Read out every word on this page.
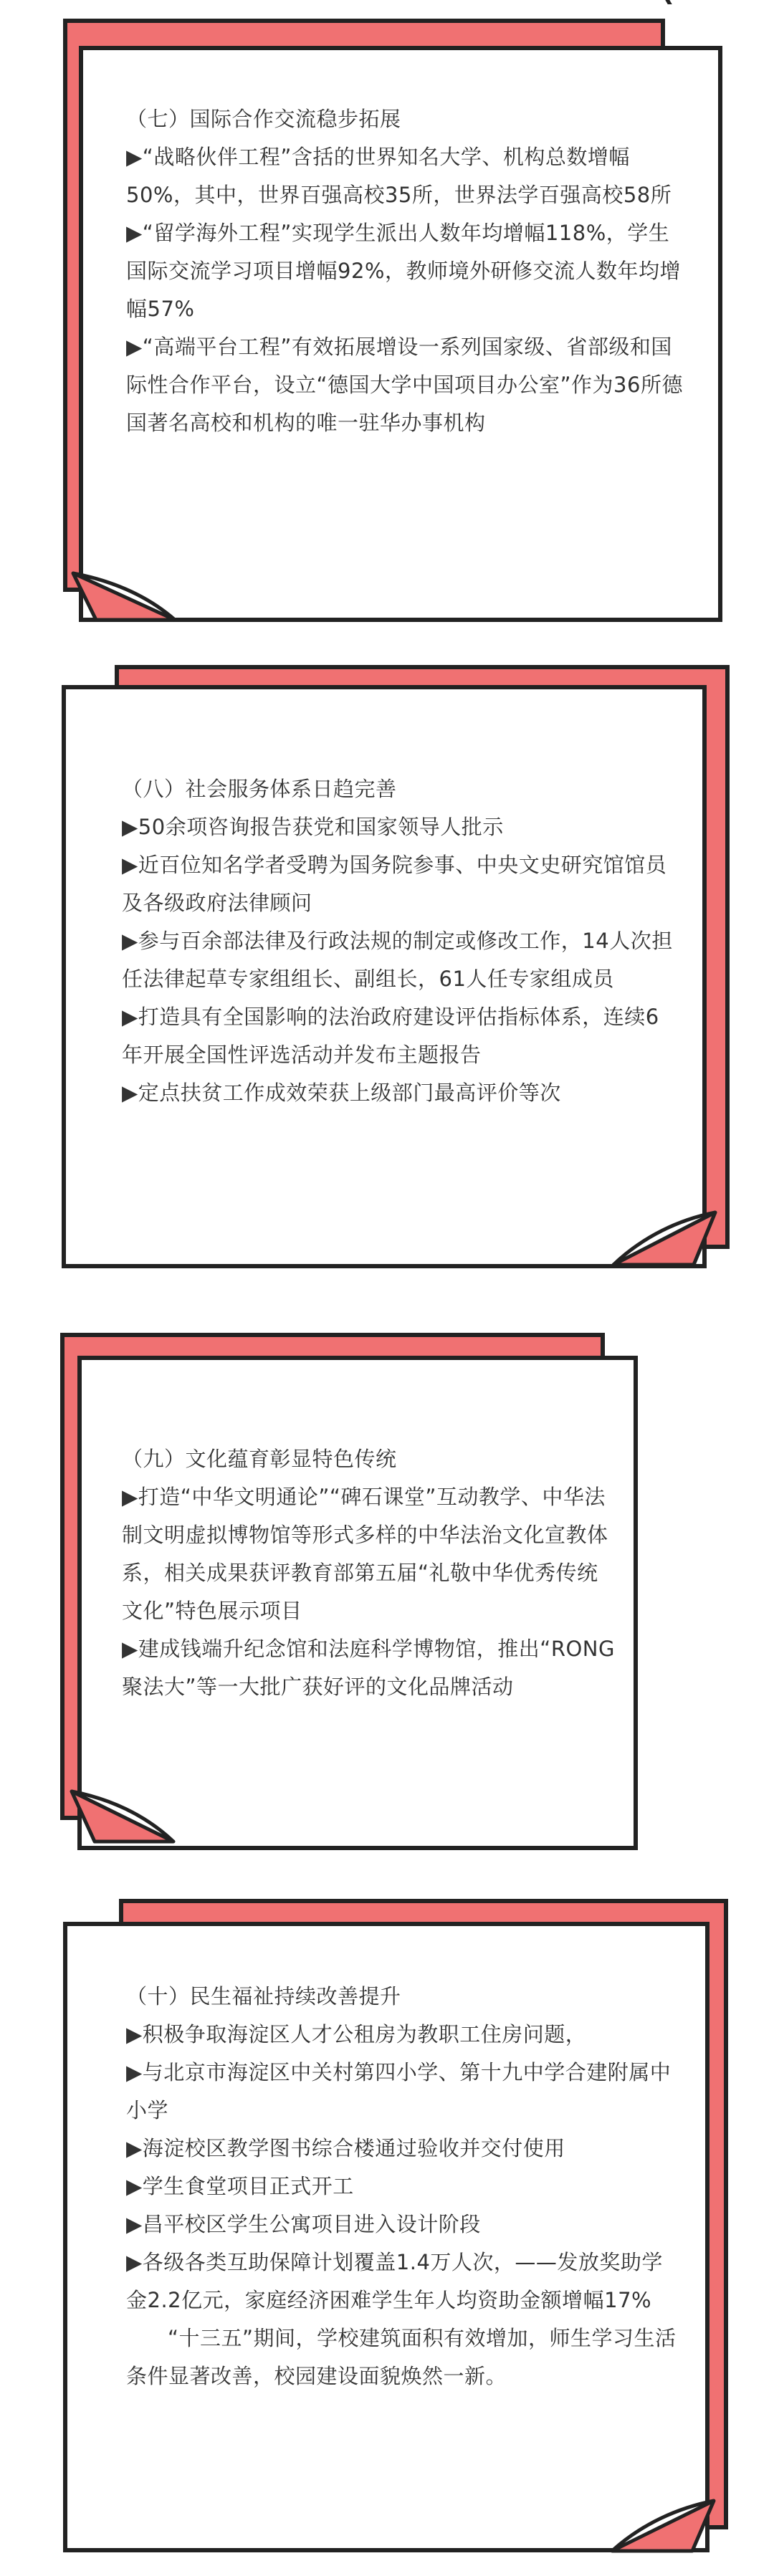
（七）国际合作交流稳步拓展

▶“战略伙伴工程”含括的世界知名大学、机构总数增幅50%，其中，世界百强高校35所，世界法学百强高校58所

▶“留学海外工程”实现学生派出人数年均增幅118%，学生国际交流学习项目增幅92%，教师境外研修交流人数年均增幅57%

▶“高端平台工程”有效拓展增设一系列国家级、省部级和国际性合作平台，设立“德国大学中国项目办公室”作为36所德国著名高校和机构的唯一驻华办事机构

（八）社会服务体系日趋完善

▶50余项咨询报告获党和国家领导人批示

▶近百位知名学者受聘为国务院参事、中央文史研究馆馆员及各级政府法律顾问

▶参与百余部法律及行政法规的制定或修改工作，14人次担任法律起草专家组组长、副组长，61人任专家组成员

▶打造具有全国影响的法治政府建设评估指标体系，连续6年开展全国性评选活动并发布主题报告

▶定点扶贫工作成效荣获上级部门最高评价等次

（九）文化蕴育彰显特色传统

▶打造“中华文明通论”“碑石课堂”互动教学、中华法制文明虚拟博物馆等形式多样的中华法治文化宣教体系，相关成果获评教育部第五届“礼敬中华优秀传统文化”特色展示项目

▶建成钱端升纪念馆和法庭科学博物馆，推出“RONG聚法大”等一大批广获好评的文化品牌活动

（十）民生福祉持续改善提升

▶积极争取海淀区人才公租房为教职工住房问题，

▶与北京市海淀区中关村第四小学、第十九中学合建附属中小学

▶海淀校区教学图书综合楼通过验收并交付使用

▶学生食堂项目正式开工

▶昌平校区学生公寓项目进入设计阶段

▶各级各类互助保障计划覆盖1.4万人次，——发放奖助学金2.2亿元，家庭经济困难学生年人均资助金额增幅17%

“十三五”期间，学校建筑面积有效增加，师生学习生活条件显著改善，校园建设面貌焕然一新。
